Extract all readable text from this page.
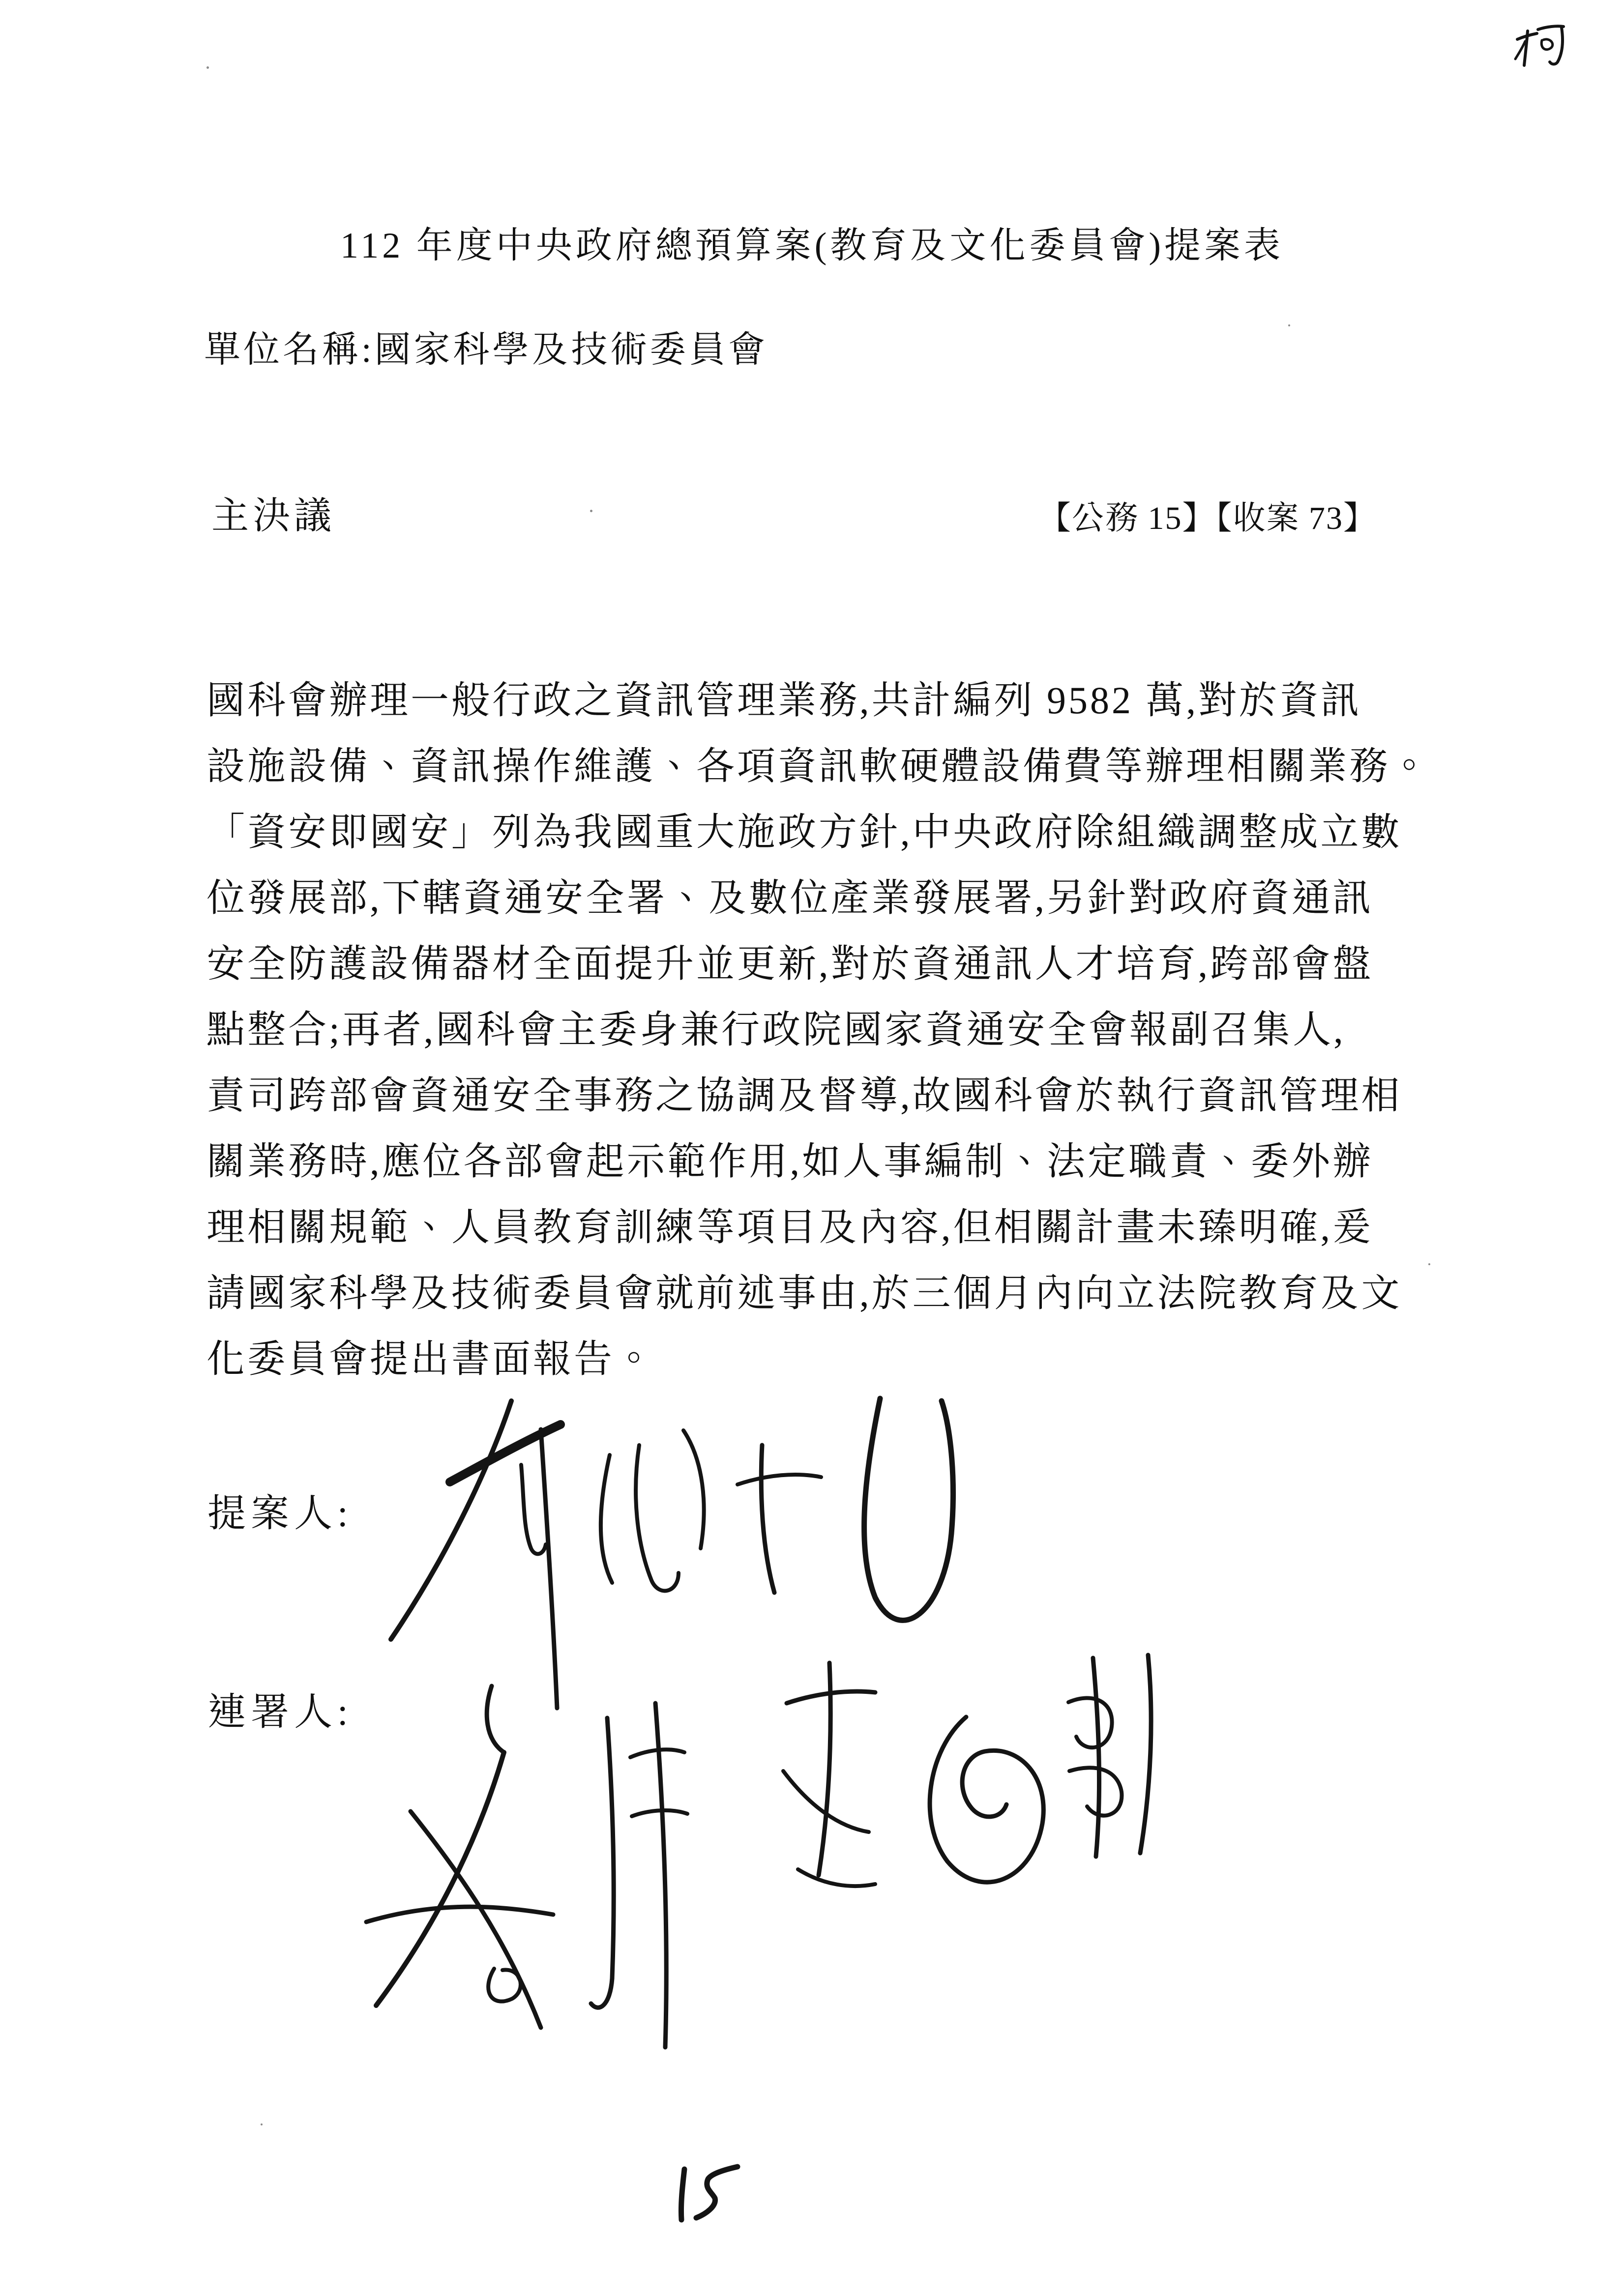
112 年度中央政府總預算案(教育及文化委員會)提案表
單位名稱:國家科學及技術委員會
主決議	【公務 15】【收案 73】
國科會辦理一般行政之資訊管理業務,共計編列 9582 萬,對於資訊
設施設備、資訊操作維護、各項資訊軟硬體設備費等辦理相關業務。
「資安即國安」列為我國重大施政方針,中央政府除組織調整成立數
位發展部,下轄資通安全署、及數位產業發展署,另針對政府資通訊
安全防護設備器材全面提升並更新,對於資通訊人才培育,跨部會盤
點整合;再者,國科會主委身兼行政院國家資通安全會報副召集人,
責司跨部會資通安全事務之協調及督導,故國科會於執行資訊管理相
關業務時,應位各部會起示範作用,如人事編制、法定職責、委外辦
理相關規範、人員教育訓練等項目及內容,但相關計畫未臻明確,爰
請國家科學及技術委員會就前述事由,於三個月內向立法院教育及文
化委員會提出書面報告。
提案人:
連署人:
